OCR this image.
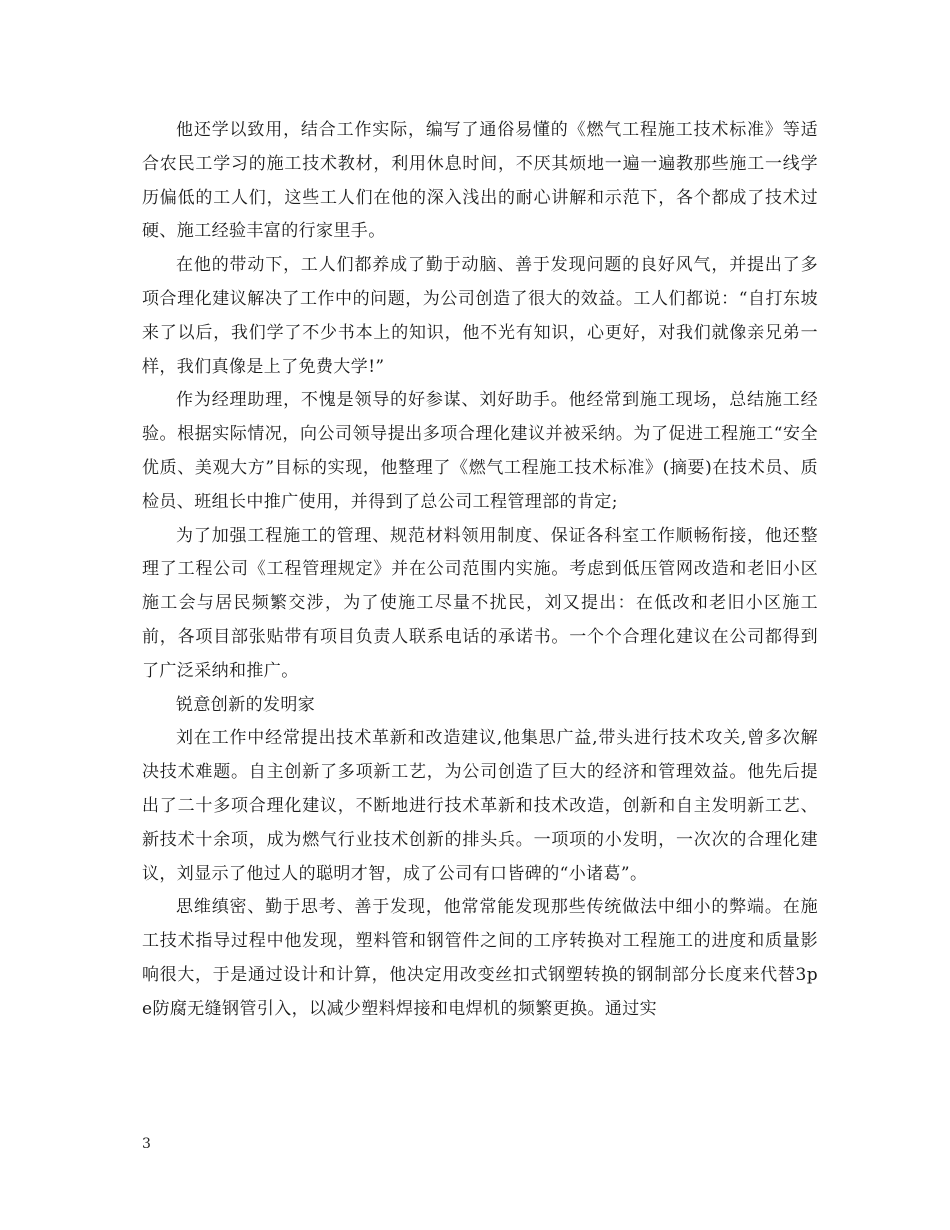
他还学以致用，结合工作实际，编写了通俗易懂的《燃气工程施工技术标准》等适合农民工学习的施工技术教材，利用休息时间，不厌其烦地一遍一遍教那些施工一线学历偏低的工人们，这些工人们在他的深入浅出的耐心讲解和示范下，各个都成了技术过硬、施工经验丰富的行家里手。

在他的带动下，工人们都养成了勤于动脑、善于发现问题的良好风气，并提出了多项合理化建议解决了工作中的问题，为公司创造了很大的效益。工人们都说：“自打东坡来了以后，我们学了不少书本上的知识，他不光有知识，心更好，对我们就像亲兄弟一样，我们真像是上了免费大学!”

作为经理助理，不愧是领导的好参谋、刘好助手。他经常到施工现场，总结施工经验。根据实际情况，向公司领导提出多项合理化建议并被采纳。为了促进工程施工“安全优质、美观大方”目标的实现，他整理了《燃气工程施工技术标准》(摘要)在技术员、质检员、班组长中推广使用，并得到了总公司工程管理部的肯定;

为了加强工程施工的管理、规范材料领用制度、保证各科室工作顺畅衔接，他还整理了工程公司《工程管理规定》并在公司范围内实施。考虑到低压管网改造和老旧小区施工会与居民频繁交涉，为了使施工尽量不扰民，刘又提出：在低改和老旧小区施工前，各项目部张贴带有项目负责人联系电话的承诺书。一个个合理化建议在公司都得到了广泛采纳和推广。

锐意创新的发明家

刘在工作中经常提出技术革新和改造建议,他集思广益,带头进行技术攻关,曾多次解决技术难题。自主创新了多项新工艺，为公司创造了巨大的经济和管理效益。他先后提出了二十多项合理化建议，不断地进行技术革新和技术改造，创新和自主发明新工艺、新技术十余项，成为燃气行业技术创新的排头兵。一项项的小发明，一次次的合理化建议，刘显示了他过人的聪明才智，成了公司有口皆碑的“小诸葛”。

思维缜密、勤于思考、善于发现，他常常能发现那些传统做法中细小的弊端。在施工技术指导过程中他发现，塑料管和钢管件之间的工序转换对工程施工的进度和质量影响很大，于是通过设计和计算，他决定用改变丝扣式钢塑转换的钢制部分长度来代替3pe防腐无缝钢管引入，以减少塑料焊接和电焊机的频繁更换。通过实

3
